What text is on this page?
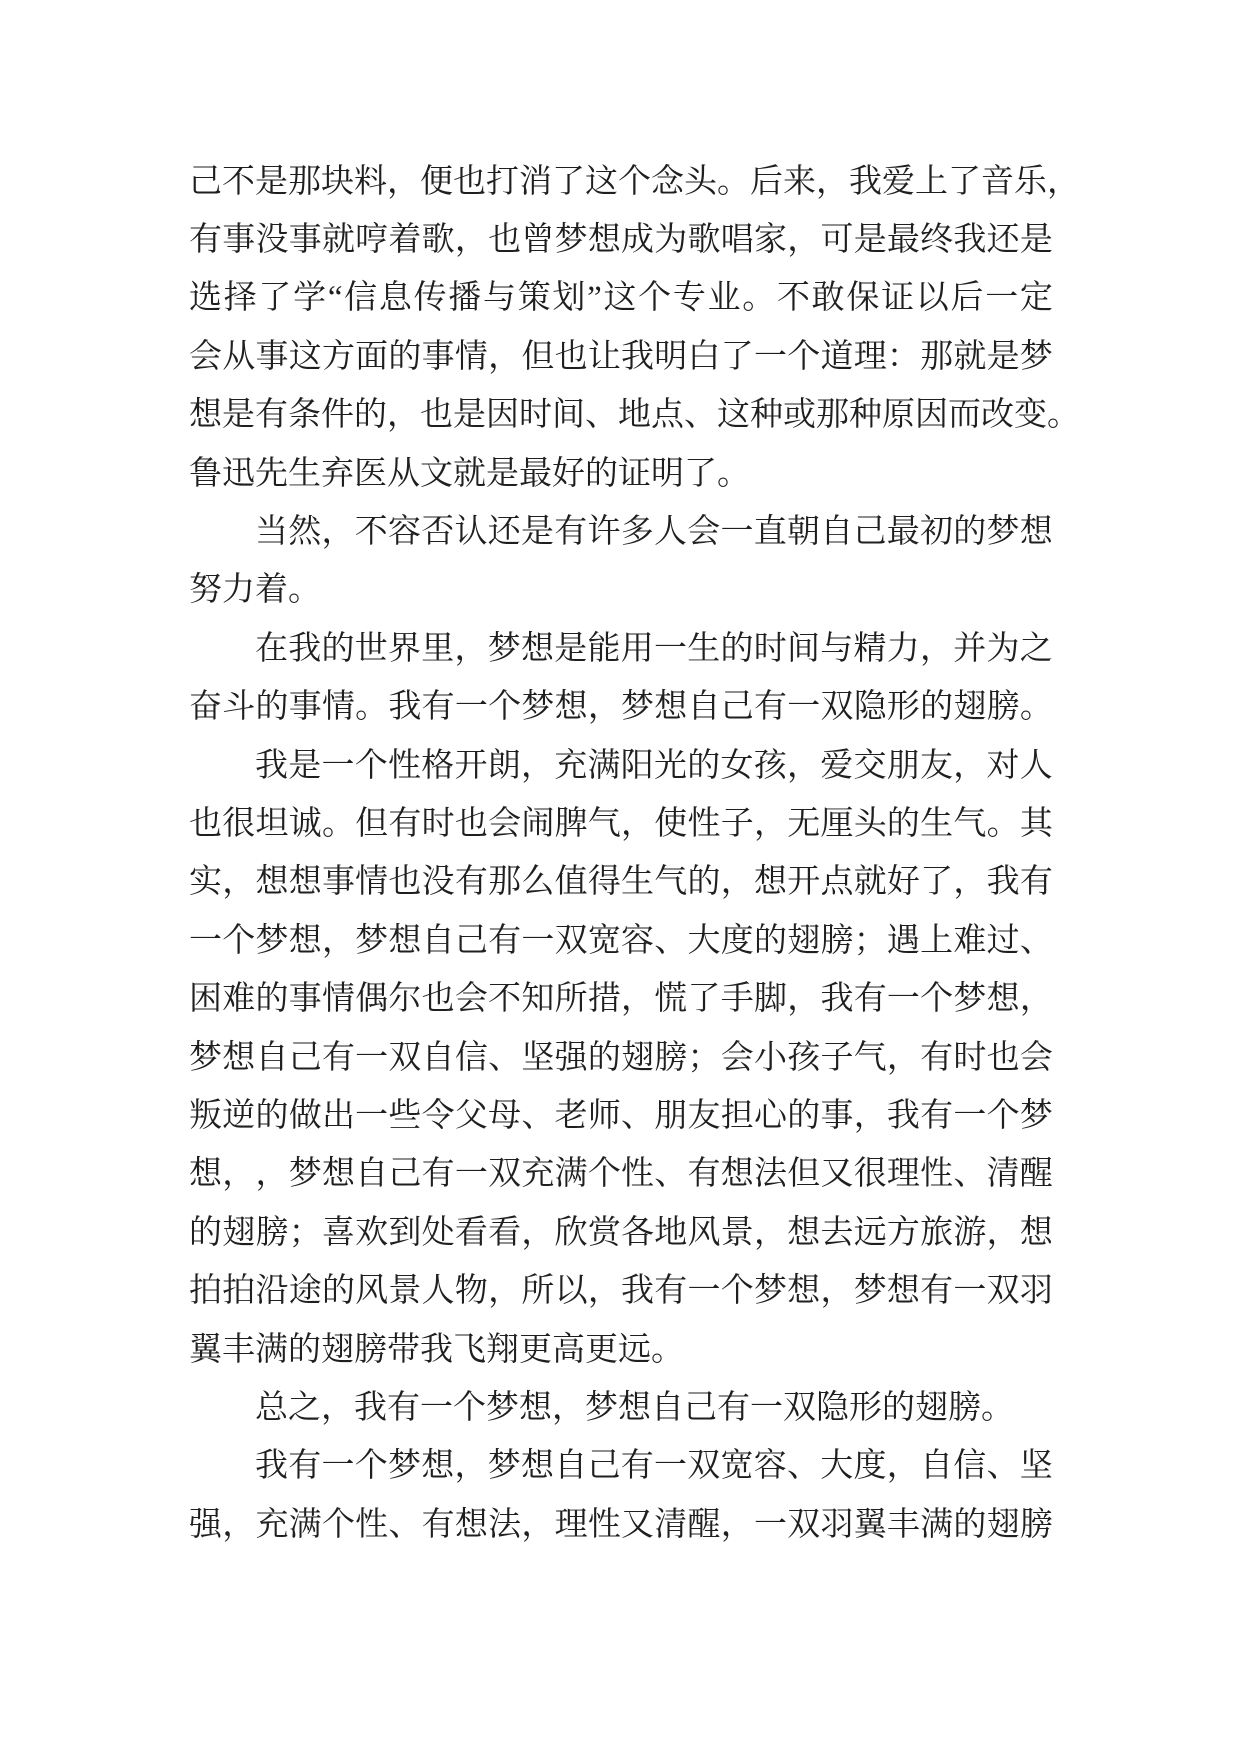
己 不 是 那 块 料 ， 便 也 打 消 了 这 个 念 头 。 后 来 ， 我 爱 上 了 音 乐 ，
有 事 没 事 就 哼 着 歌 ， 也 曾 梦 想 成 为 歌 唱 家 ， 可 是 最 终 我 还 是
选 择 了 学 “ 信 息 传 播 与 策 划 ” 这 个 专 业 。 不 敢 保 证 以 后 一 定
会 从 事 这 方 面 的 事 情 ， 但 也 让 我 明 白 了 一 个 道 理 ： 那 就 是 梦
想 是 有 条 件 的 ， 也 是 因 时 间 、 地 点 、 这 种 或 那 种 原 因 而 改 变 。
鲁 迅 先 生 弃 医 从 文 就 是 最 好 的 证 明 了 。
当 然 ， 不 容 否 认 还 是 有 许 多 人 会 一 直 朝 自 己 最 初 的 梦 想
努 力 着 。
在 我 的 世 界 里 ， 梦 想 是 能 用 一 生 的 时 间 与 精 力 ， 并 为 之
奋 斗 的 事 情 。 我 有 一 个 梦 想 ， 梦 想 自 己 有 一 双 隐 形 的 翅 膀 。
我 是 一 个 性 格 开 朗 ， 充 满 阳 光 的 女 孩 ， 爱 交 朋 友 ， 对 人
也 很 坦 诚 。 但 有 时 也 会 闹 脾 气 ， 使 性 子 ， 无 厘 头 的 生 气 。 其
实 ， 想 想 事 情 也 没 有 那 么 值 得 生 气 的 ， 想 开 点 就 好 了 ， 我 有
一 个 梦 想 ， 梦 想 自 己 有 一 双 宽 容 、 大 度 的 翅 膀 ； 遇 上 难 过 、
困 难 的 事 情 偶 尔 也 会 不 知 所 措 ， 慌 了 手 脚 ， 我 有 一 个 梦 想 ，
梦 想 自 己 有 一 双 自 信 、 坚 强 的 翅 膀 ； 会 小 孩 子 气 ， 有 时 也 会
叛 逆 的 做 出 一 些 令 父 母 、 老 师 、 朋 友 担 心 的 事 ， 我 有 一 个 梦
想 ， ， 梦 想 自 己 有 一 双 充 满 个 性 、 有 想 法 但 又 很 理 性 、 清 醒
的 翅 膀 ； 喜 欢 到 处 看 看 ， 欣 赏 各 地 风 景 ， 想 去 远 方 旅 游 ， 想
拍 拍 沿 途 的 风 景 人 物 ， 所 以 ， 我 有 一 个 梦 想 ， 梦 想 有 一 双 羽
翼 丰 满 的 翅 膀 带 我 飞 翔 更 高 更 远 。
总 之 ， 我 有 一 个 梦 想 ， 梦 想 自 己 有 一 双 隐 形 的 翅 膀 。
我 有 一 个 梦 想 ， 梦 想 自 己 有 一 双 宽 容 、 大 度 ， 自 信 、 坚
强 ， 充 满 个 性 、 有 想 法 ， 理 性 又 清 醒 ， 一 双 羽 翼 丰 满 的 翅 膀
